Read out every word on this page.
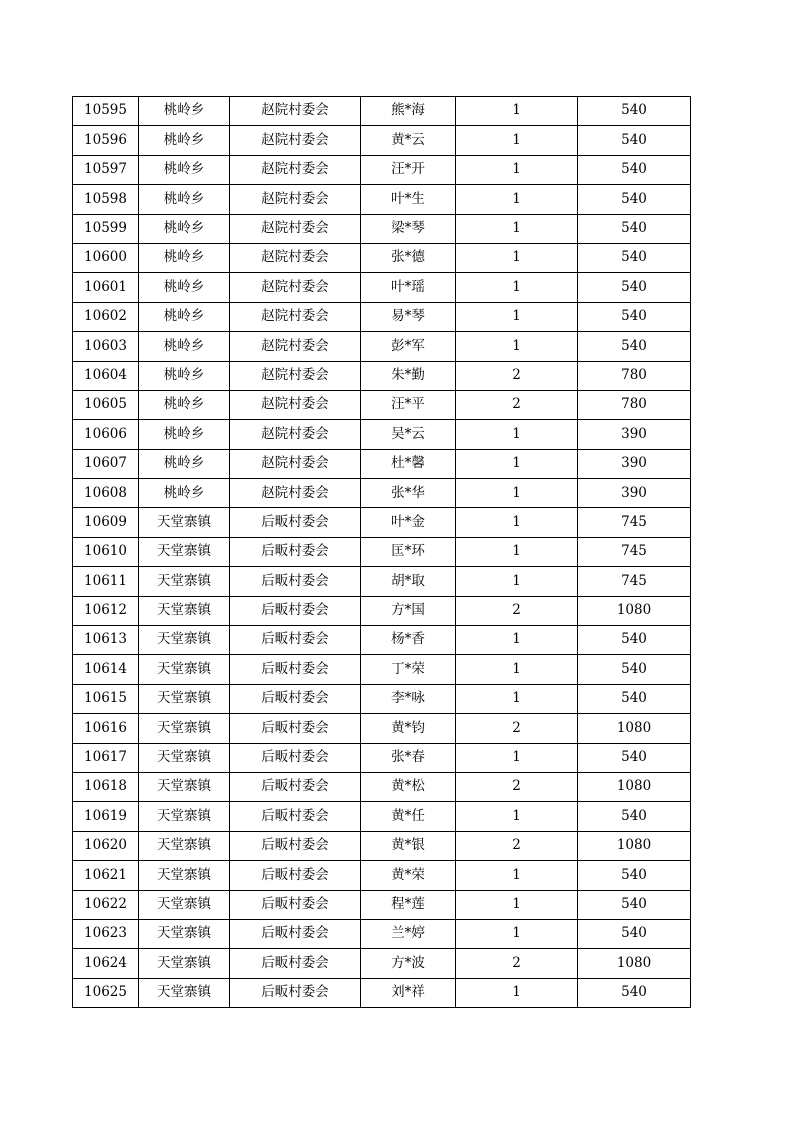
10595	桃岭乡	赵院村委会	熊*海	1	540
10596	桃岭乡	赵院村委会	黄*云	1	540
10597	桃岭乡	赵院村委会	汪*开	1	540
10598	桃岭乡	赵院村委会	叶*生	1	540
10599	桃岭乡	赵院村委会	梁*琴	1	540
10600	桃岭乡	赵院村委会	张*德	1	540
10601	桃岭乡	赵院村委会	叶*瑶	1	540
10602	桃岭乡	赵院村委会	易*琴	1	540
10603	桃岭乡	赵院村委会	彭*军	1	540
10604	桃岭乡	赵院村委会	朱*勤	2	780
10605	桃岭乡	赵院村委会	汪*平	2	780
10606	桃岭乡	赵院村委会	吴*云	1	390
10607	桃岭乡	赵院村委会	杜*馨	1	390
10608	桃岭乡	赵院村委会	张*华	1	390
10609	天堂寨镇	后畈村委会	叶*金	1	745
10610	天堂寨镇	后畈村委会	匡*环	1	745
10611	天堂寨镇	后畈村委会	胡*取	1	745
10612	天堂寨镇	后畈村委会	方*国	2	1080
10613	天堂寨镇	后畈村委会	杨*香	1	540
10614	天堂寨镇	后畈村委会	丁*荣	1	540
10615	天堂寨镇	后畈村委会	李*咏	1	540
10616	天堂寨镇	后畈村委会	黄*钧	2	1080
10617	天堂寨镇	后畈村委会	张*春	1	540
10618	天堂寨镇	后畈村委会	黄*松	2	1080
10619	天堂寨镇	后畈村委会	黄*任	1	540
10620	天堂寨镇	后畈村委会	黄*银	2	1080
10621	天堂寨镇	后畈村委会	黄*荣	1	540
10622	天堂寨镇	后畈村委会	程*莲	1	540
10623	天堂寨镇	后畈村委会	兰*婷	1	540
10624	天堂寨镇	后畈村委会	方*波	2	1080
10625	天堂寨镇	后畈村委会	刘*祥	1	540
